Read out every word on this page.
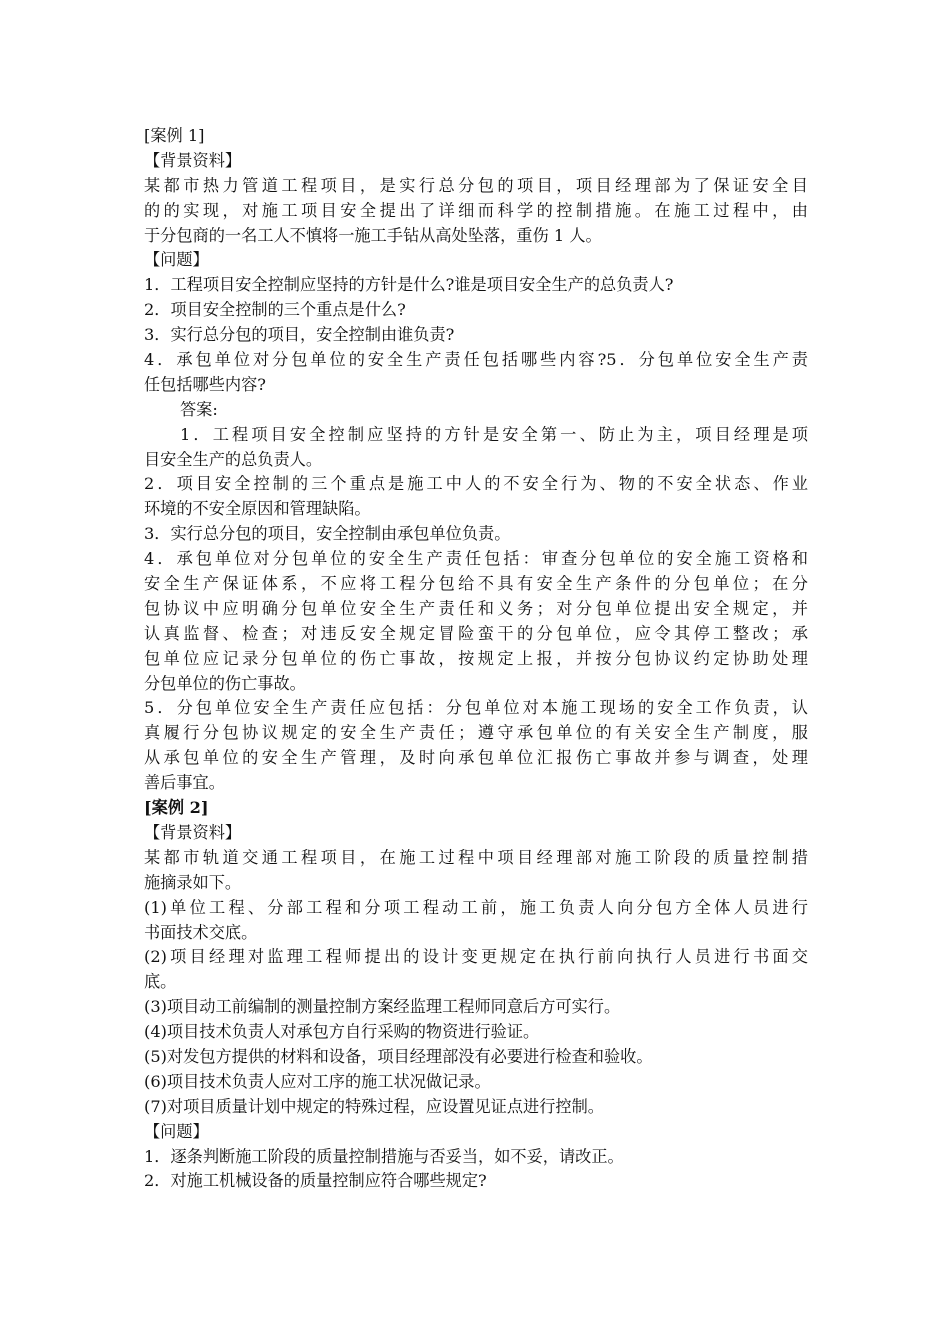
[案例 1]
【背景资料】
某都市热力管道工程项目，是实行总分包的项目，项目经理部为了保证安全目
的的实现，对施工项目安全提出了详细而科学的控制措施。在施工过程中，由
于分包商的一名工人不慎将一施工手钻从高处坠落，重伤 1 人。
【问题】
1．工程项目安全控制应坚持的方针是什么?谁是项目安全生产的总负责人?
2．项目安全控制的三个重点是什么?
3．实行总分包的项目，安全控制由谁负责?
4．承包单位对分包单位的安全生产责任包括哪些内容?5．分包单位安全生产责
任包括哪些内容?
答案:
1．工程项目安全控制应坚持的方针是安全第一、防止为主，项目经理是项
目安全生产的总负责人。
2．项目安全控制的三个重点是施工中人的不安全行为、物的不安全状态、作业
环境的不安全原因和管理缺陷。
3．实行总分包的项目，安全控制由承包单位负责。
4．承包单位对分包单位的安全生产责任包括：审查分包单位的安全施工资格和
安全生产保证体系，不应将工程分包给不具有安全生产条件的分包单位；在分
包协议中应明确分包单位安全生产责任和义务；对分包单位提出安全规定，并
认真监督、检查；对违反安全规定冒险蛮干的分包单位，应令其停工整改；承
包单位应记录分包单位的伤亡事故，按规定上报，并按分包协议约定协助处理
分包单位的伤亡事故。
5．分包单位安全生产责任应包括：分包单位对本施工现场的安全工作负责，认
真履行分包协议规定的安全生产责任；遵守承包单位的有关安全生产制度，服
从承包单位的安全生产管理，及时向承包单位汇报伤亡事故并参与调查，处理
善后事宜。
[案例 2]
【背景资料】
某都市轨道交通工程项目，在施工过程中项目经理部对施工阶段的质量控制措
施摘录如下。
(1)单位工程、分部工程和分项工程动工前，施工负责人向分包方全体人员进行
书面技术交底。
(2)项目经理对监理工程师提出的设计变更规定在执行前向执行人员进行书面交
底。
(3)项目动工前编制的测量控制方案经监理工程师同意后方可实行。
(4)项目技术负责人对承包方自行采购的物资进行验证。
(5)对发包方提供的材料和设备，项目经理部没有必要进行检查和验收。
(6)项目技术负责人应对工序的施工状况做记录。
(7)对项目质量计划中规定的特殊过程，应设置见证点进行控制。
【问题】
1．逐条判断施工阶段的质量控制措施与否妥当，如不妥，请改正。
2．对施工机械设备的质量控制应符合哪些规定?
